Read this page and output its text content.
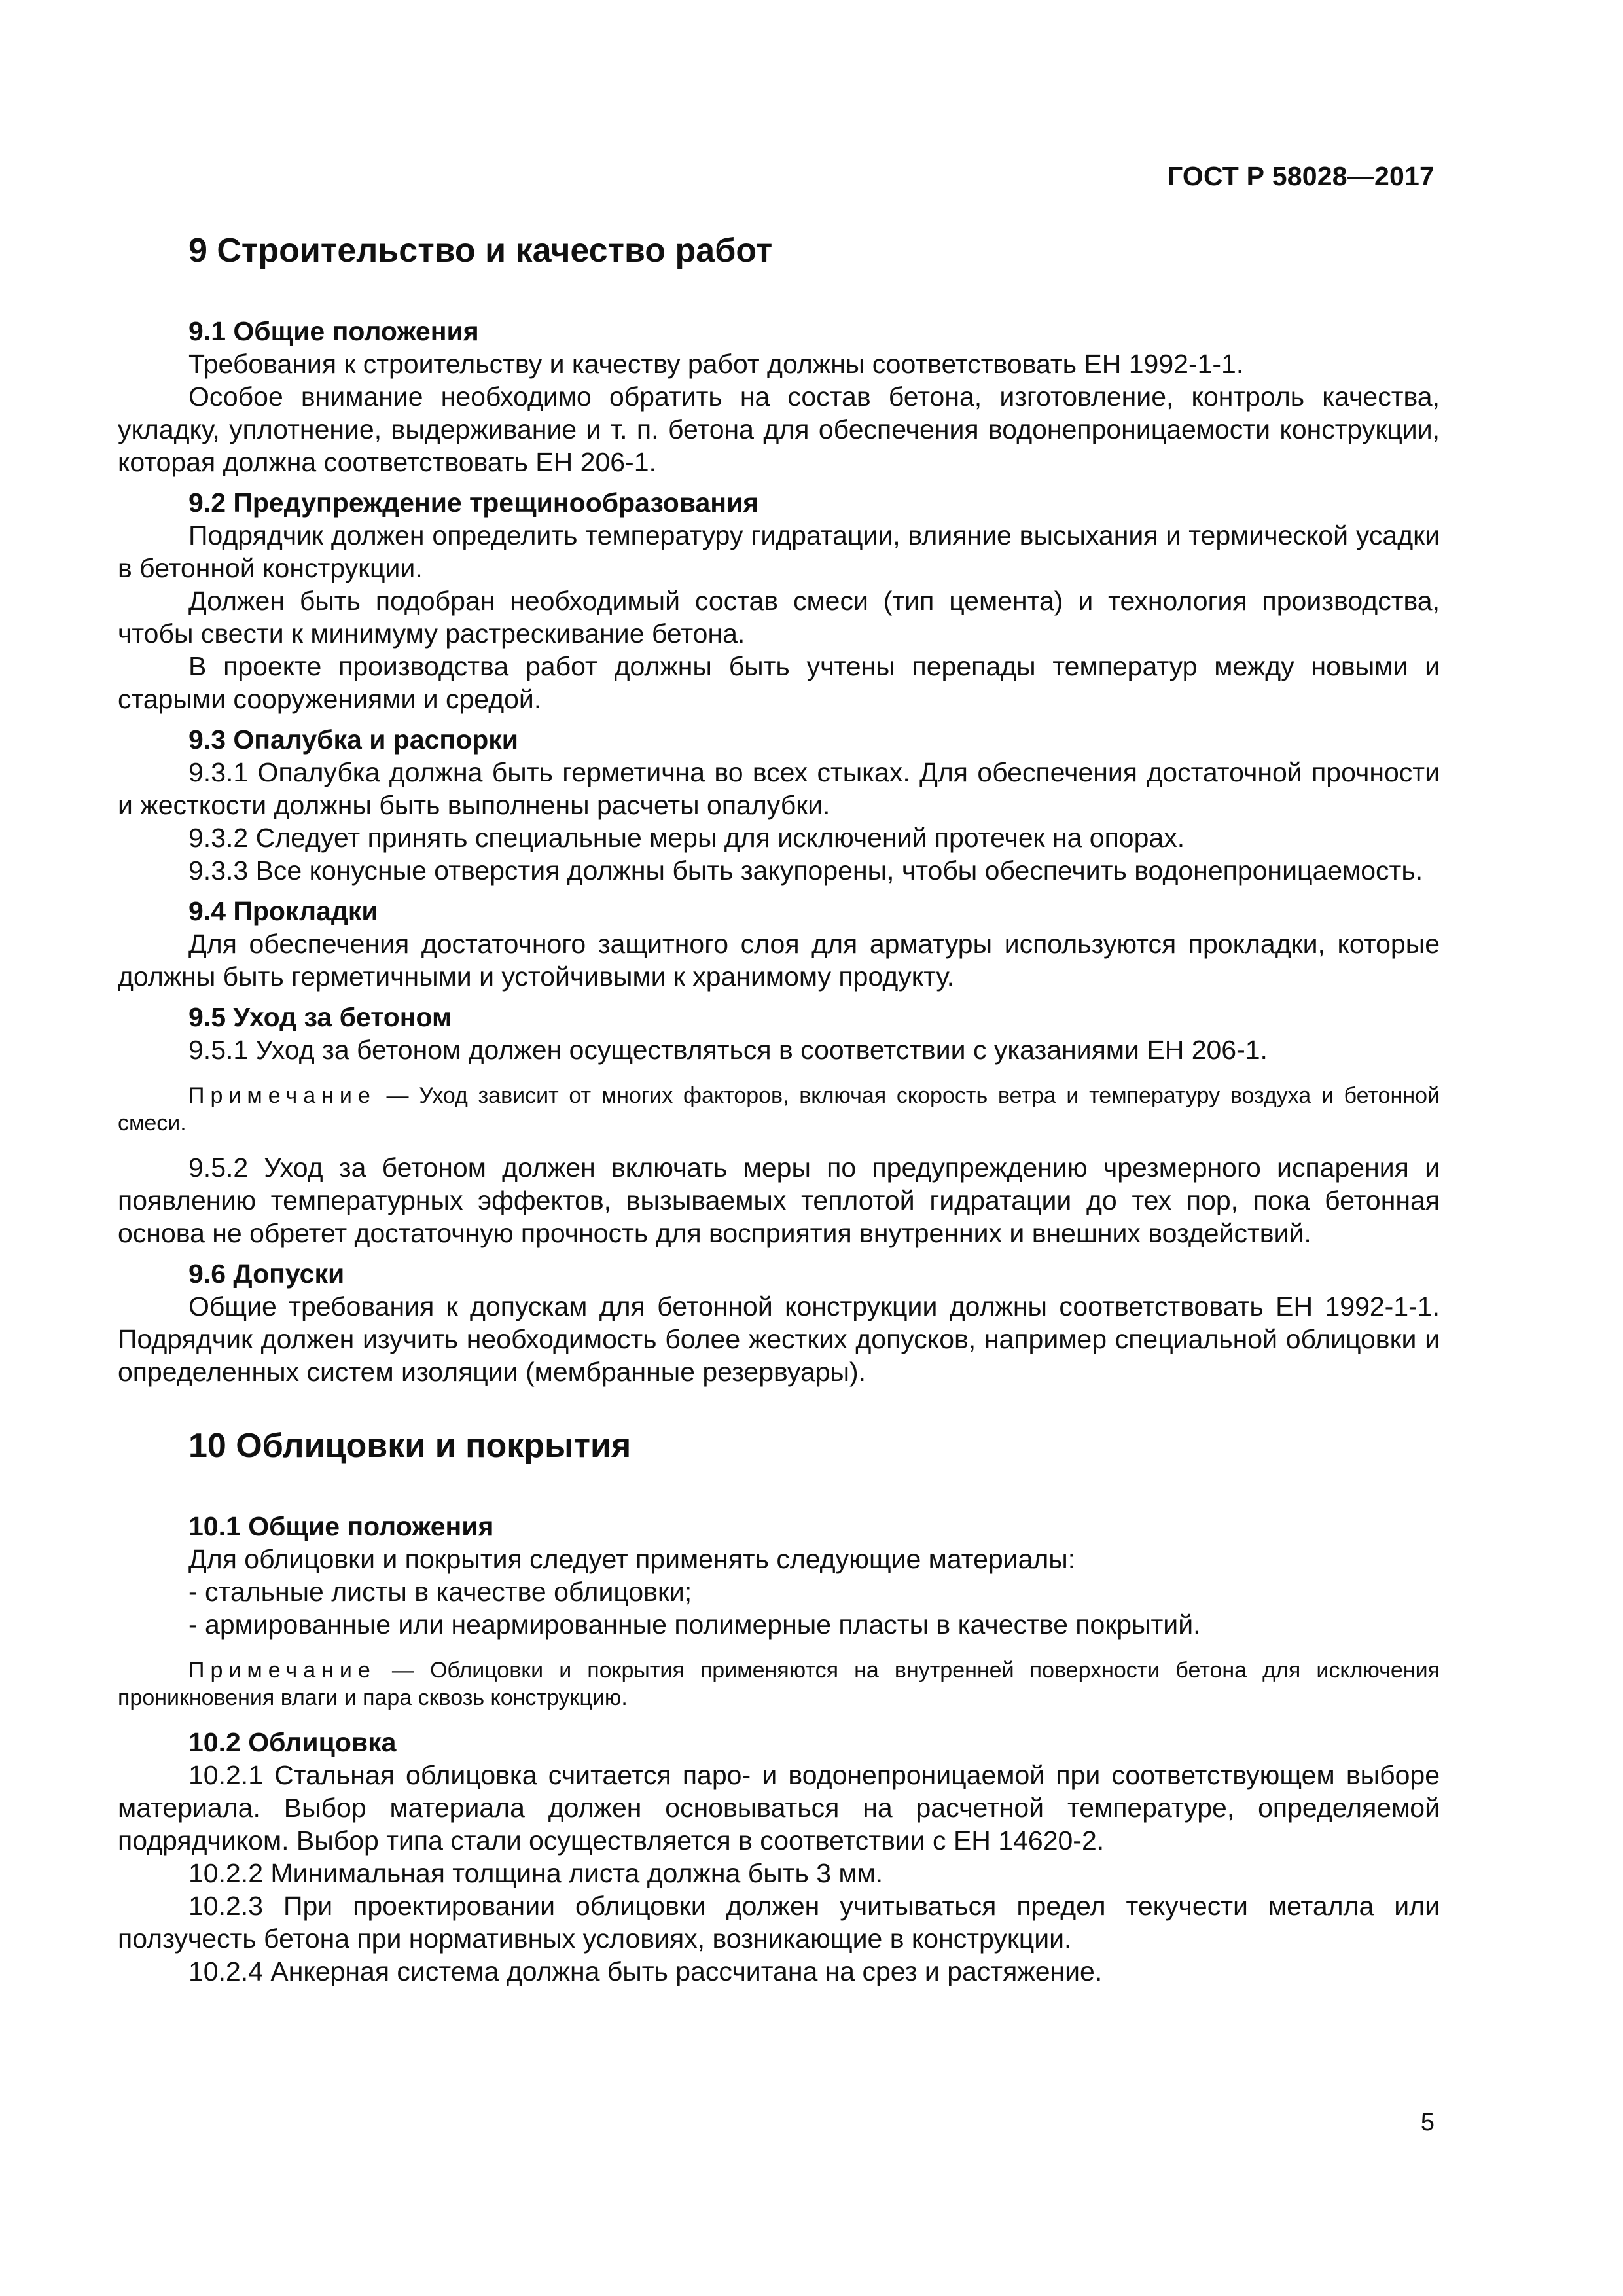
ГОСТ Р 58028—2017
9 Строительство и качество работ

9.1 Общие положения

Требования к строительству и качеству работ должны соответствовать ЕН 1992-1-1.

Особое внимание необходимо обратить на состав бетона, изготовление, контроль качества, укладку, уплотнение, выдерживание и т. п. бетона для обеспечения водонепроницаемости конструкции, которая должна соответствовать ЕН 206-1.

9.2 Предупреждение трещинообразования

Подрядчик должен определить температуру гидратации, влияние высыхания и термической усадки в бетонной конструкции.

Должен быть подобран необходимый состав смеси (тип цемента) и технология производства, чтобы свести к минимуму растрескивание бетона.

В проекте производства работ должны быть учтены перепады температур между новыми и старыми сооружениями и средой.

9.3 Опалубка и распорки

9.3.1 Опалубка должна быть герметична во всех стыках. Для обеспечения достаточной прочности и жесткости должны быть выполнены расчеты опалубки.

9.3.2 Следует принять специальные меры для исключений протечек на опорах.

9.3.3 Все конусные отверстия должны быть закупорены, чтобы обеспечить водонепроницаемость.

9.4 Прокладки

Для обеспечения достаточного защитного слоя для арматуры используются прокладки, которые должны быть герметичными и устойчивыми к хранимому продукту.

9.5 Уход за бетоном

9.5.1 Уход за бетоном должен осуществляться в соответствии с указаниями ЕН 206-1.

Примечание — Уход зависит от многих факторов, включая скорость ветра и температуру воздуха и бетонной смеси.

9.5.2 Уход за бетоном должен включать меры по предупреждению чрезмерного испарения и появлению температурных эффектов, вызываемых теплотой гидратации до тех пор, пока бетонная основа не обретет достаточную прочность для восприятия внутренних и внешних воздействий.

9.6 Допуски

Общие требования к допускам для бетонной конструкции должны соответствовать ЕН 1992-1-1. Подрядчик должен изучить необходимость более жестких допусков, например специальной облицовки и определенных систем изоляции (мембранные резервуары).

10 Облицовки и покрытия

10.1 Общие положения

Для облицовки и покрытия следует применять следующие материалы:

- стальные листы в качестве облицовки;

- армированные или неармированные полимерные пласты в качестве покрытий.

Примечание — Облицовки и покрытия применяются на внутренней поверхности бетона для исключения проникновения влаги и пара сквозь конструкцию.

10.2 Облицовка

10.2.1 Стальная облицовка считается паро- и водонепроницаемой при соответствующем выборе материала. Выбор материала должен основываться на расчетной температуре, определяемой подрядчиком. Выбор типа стали осуществляется в соответствии с ЕН 14620-2.

10.2.2 Минимальная толщина листа должна быть 3 мм.

10.2.3 При проектировании облицовки должен учитываться предел текучести металла или ползучесть бетона при нормативных условиях, возникающие в конструкции.

10.2.4 Анкерная система должна быть рассчитана на срез и растяжение.

5
